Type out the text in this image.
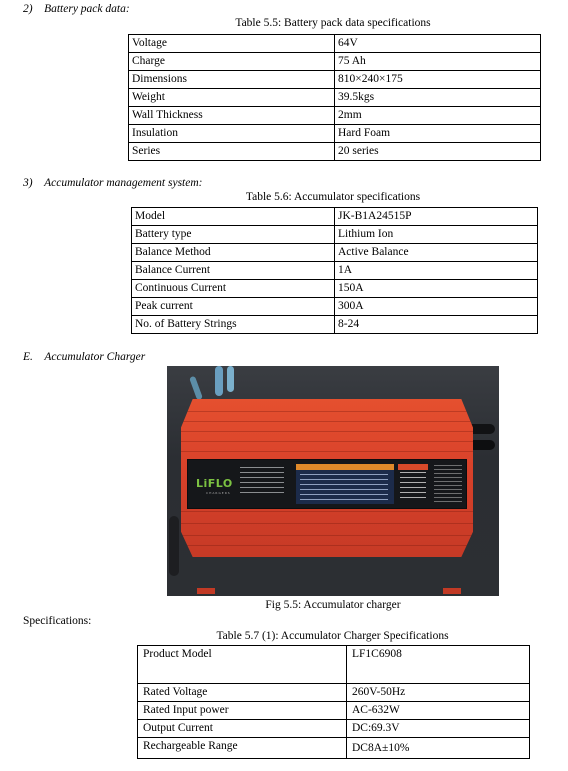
2) Battery pack data:
Table 5.5: Battery pack data specifications
Voltage	64V
Charge	75 Ah
Dimensions	810×240×175
Weight	39.5kgs
Wall Thickness	2mm
Insulation	Hard Foam
Series	20 series
3) Accumulator management system:
Table 5.6: Accumulator specifications
Model	JK-B1A24515P
Battery type	Lithium Ion
Balance Method	Active Balance
Balance Current	1A
Continuous Current	150A
Peak current	300A
No. of Battery Strings	8-24
E. Accumulator Charger
LiFLO
CHARGERS
Fig 5.5: Accumulator charger
Specifications:
Table 5.7 (1): Accumulator Charger Specifications
Product Model	LF1C6908
Rated Voltage	260V-50Hz
Rated Input power	AC-632W
Output Current	DC:69.3V
Rechargeable Range	DC8A±10%
